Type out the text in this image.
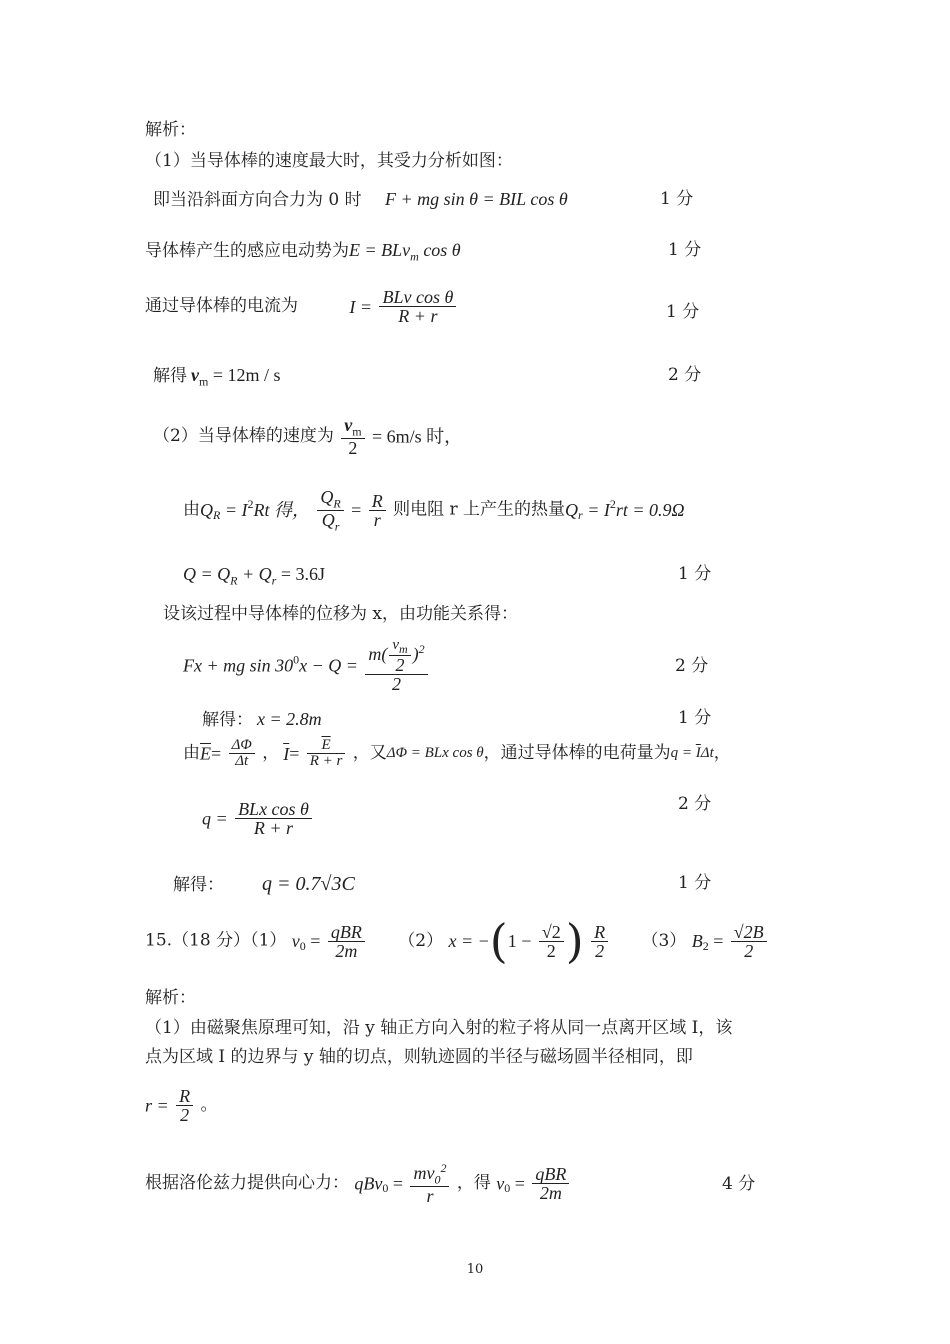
解析：
（1）当导体棒的速度最大时，其受力分析如图：
即当沿斜面方向合力为 0 时 F + mg sin θ = BIL cos θ	1 分
导体棒产生的感应电动势为E = BLv$_m$ cos θ	1 分
通过导体棒的电流为	I = BLv cos θ
R + r	1 分
解得 $v_m = 12m / s$	2 分
（2）当导体棒的速度为 $\frac{v_m}{2} = 6m/s$ 时，
由$Q_R = I^2Rt$ 得， $\frac{Q_R}{Q_r} = \frac{R}{r}$ 则电阻 r 上产生的热量$Q_r = I^2rt = 0.9\Omega$
$Q = Q_R + Q_r = 3.6J$	1 分
设该过程中导体棒的位移为 x，由功能关系得：
Fx + mg $\sin 30^0x - Q = m$( $v_m$
2
)$^2$
2	2 分
解得： x = 2.8m	1 分
由$\overline{E}= \frac{\Delta\Phi}{\Delta t}$ ， $\overline{I}= \frac{\overline{E}}{R + r}$ ，又ΔΦ = BLx cos θ，通过导体棒的电荷量为$q = \overline{I}\Delta t$，
q = BLx cos θ
R + r
2 分
解得： q = 0.7√3C	1 分
15.（18 分）（1） $v_0$ = qBR
2m	（2） $x = -(1 - \frac{√2}{2}$ ) $\frac{R}{2} (3) B_2 = \frac{√2B}{2}$
解析：
（1）由磁聚焦原理可知，沿 y 轴正方向入射的粒子将从同一点离开区域 I，该
点为区域 I 的边界与 y 轴的切点，则轨迹圆的半径与磁场圆半径相同，即
$r = \frac{R}{2}$ 。
根据洛伦兹力提供向心力： $qBv_0 = \frac{mv_0^2}{r}$ ，得 $v_0$ = qBR
2m	4 分
10
